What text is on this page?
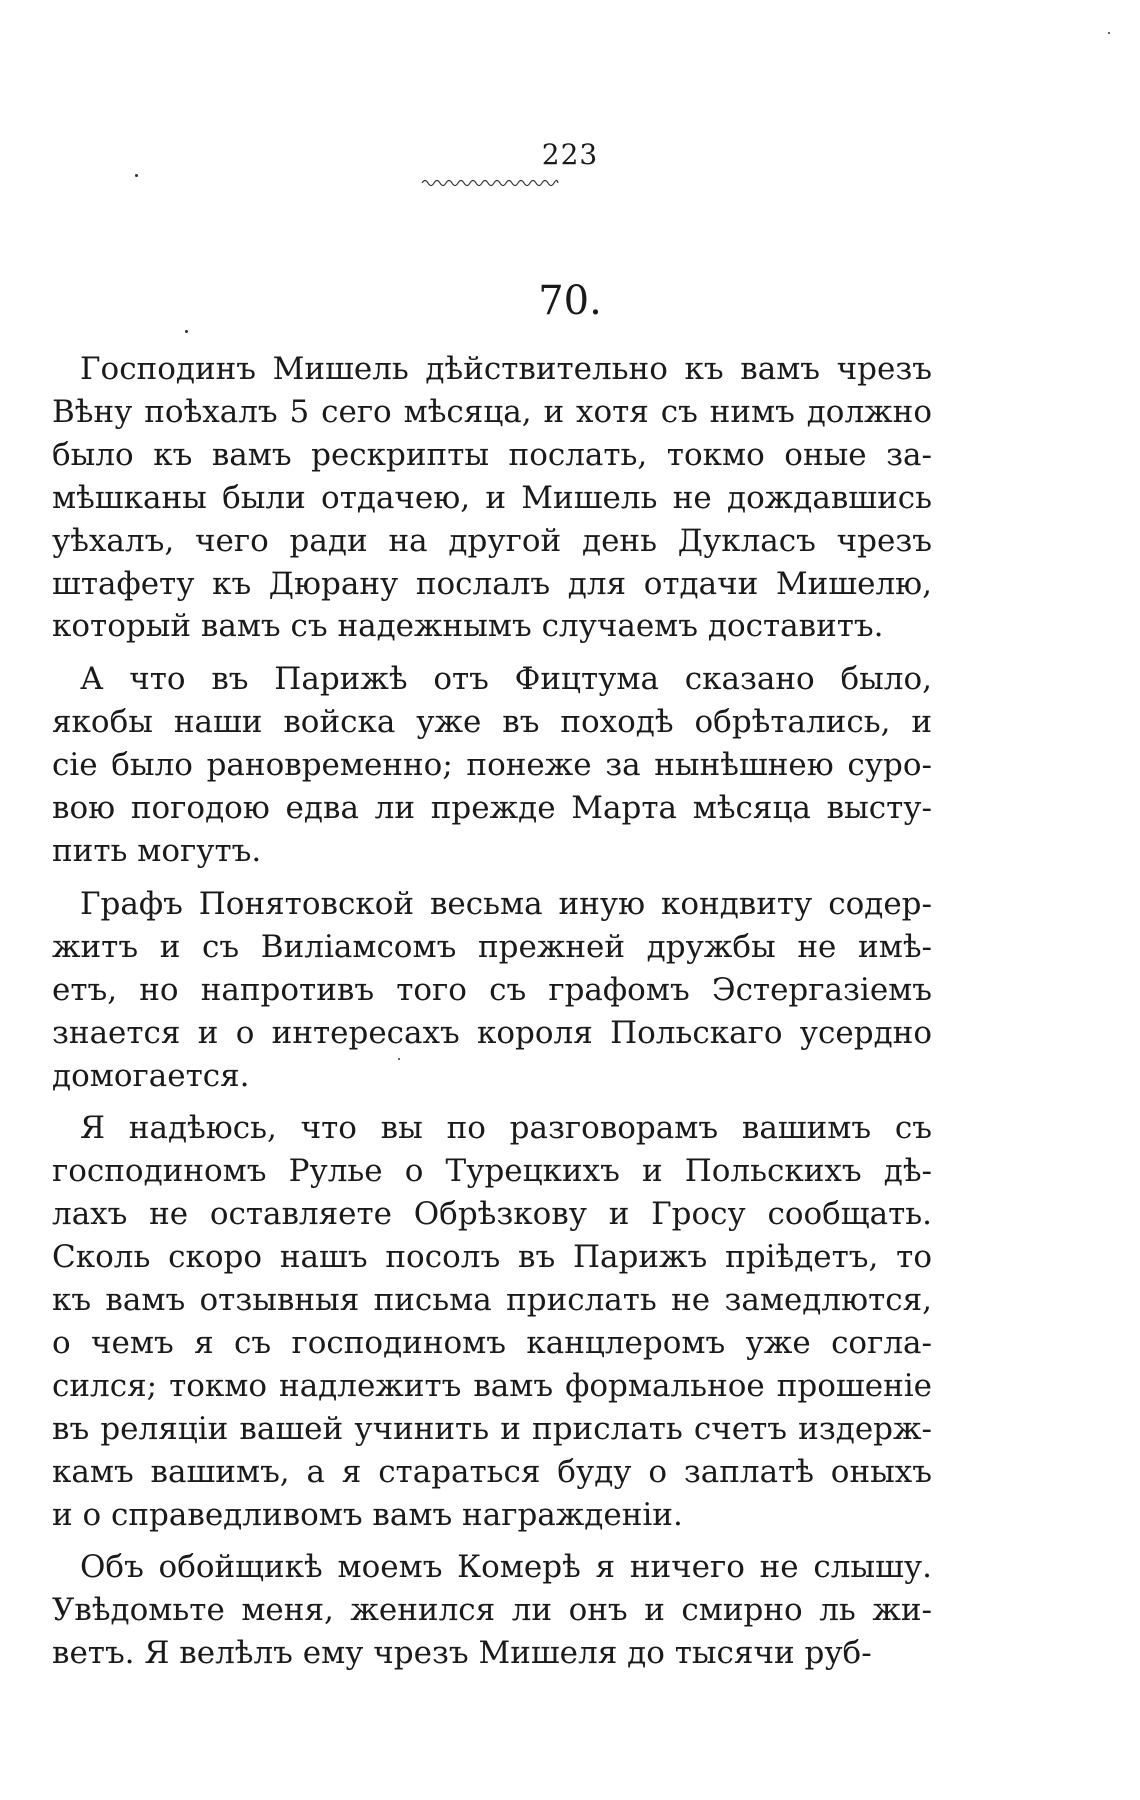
223
70.
Господинъ Мишель дѣйствительно къ вамъ чрезъ
Вѣну поѣхалъ 5 сего мѣсяца, и хотя съ нимъ должно
было къ вамъ рескрипты послать, токмо оные за-
мѣшканы были отдачею, и Мишель не дождавшись
уѣхалъ, чего ради на другой день Дукласъ чрезъ
штафету къ Дюрану послалъ для отдачи Мишелю,
который вамъ съ надежнымъ случаемъ доставитъ.
А что въ Парижѣ отъ Фицтума сказано было,
якобы наши войска уже въ походѣ обрѣтались, и
сіе было рановременно; понеже за нынѣшнею суро-
вою погодою едва ли прежде Марта мѣсяца высту-
пить могутъ.
Графъ Понятовской весьма иную кондвиту содер-
житъ и съ Виліамсомъ прежней дружбы не имѣ-
етъ, но напротивъ того съ графомъ Эстергазіемъ
знается и о интересахъ короля Польскаго усердно
домогается.
Я надѣюсь, что вы по разговорамъ вашимъ съ
господиномъ Рулье о Турецкихъ и Польскихъ дѣ-
лахъ не оставляете Обрѣзкову и Гросу сообщать.
Сколь скоро нашъ посолъ въ Парижъ пріѣдетъ, то
къ вамъ отзывныя письма прислать не замедлются,
о чемъ я съ господиномъ канцлеромъ уже согла-
сился; токмо надлежитъ вамъ формальное прошеніе
въ реляціи вашей учинить и прислать счетъ издерж-
камъ вашимъ, а я стараться буду о заплатѣ оныхъ
и о справедливомъ вамъ награжденіи.
Объ обойщикѣ моемъ Комерѣ я ничего не слышу.
Увѣдомьте меня, женился ли онъ и смирно ль жи-
ветъ. Я велѣлъ ему чрезъ Мишеля до тысячи руб-
